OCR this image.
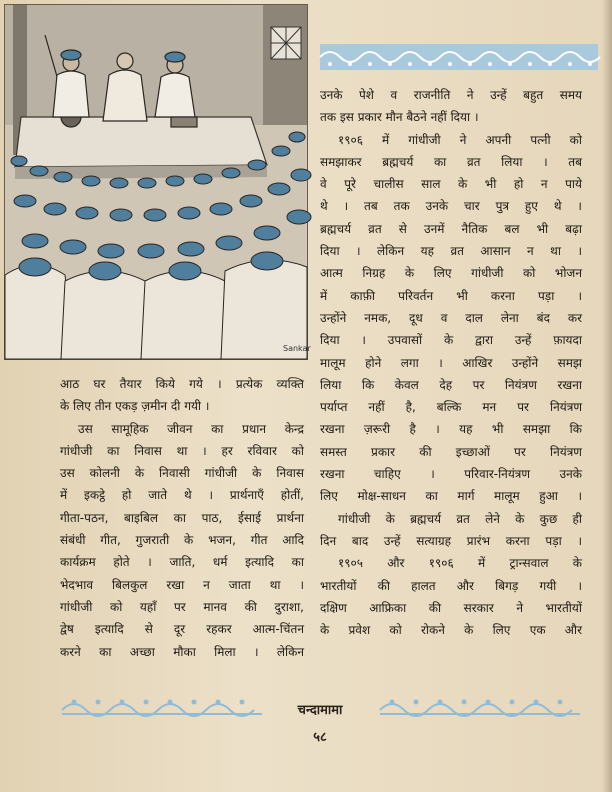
Sankar
उनके पेशे व राजनीति ने उन्हें बहुत समय
तक इस प्रकार मौन बैठने नहीं दिया ।
१९०६ में गांधीजी ने अपनी पत्नी को
समझाकर ब्रह्मचर्य का व्रत लिया । तब
वे पूरे चालीस साल के भी हो न पाये
थे । तब तक उनके चार पुत्र हुए थे ।
ब्रह्मचर्य व्रत से उनमें नैतिक बल भी बढ़ा
दिया । लेकिन यह व्रत आसान न था ।
आत्म निग्रह के लिए गांधीजी को भोजन
में काफ़ी परिवर्तन भी करना पड़ा ।
उन्होंने नमक, दूध व दाल लेना बंद कर
दिया । उपवासों के द्वारा उन्हें फ़ायदा
मालूम होने लगा । आखिर उन्होंने समझ
लिया कि केवल देह पर नियंत्रण रखना
पर्याप्त नहीं है, बल्कि मन पर नियंत्रण
रखना ज़रूरी है । यह भी समझा कि
समस्त प्रकार की इच्छाओं पर नियंत्रण
रखना चाहिए । परिवार-नियंत्रण उनके
लिए मोक्ष-साधन का मार्ग मालूम हुआ ।
गांधीजी के ब्रह्मचर्य व्रत लेने के कुछ ही
दिन बाद उन्हें सत्याग्रह प्रारंभ करना पड़ा ।
१९०५ और १९०६ में ट्रान्सवाल के
भारतीयों की हालत और बिगड़ गयी ।
दक्षिण आफ्रिका की सरकार ने भारतीयों
के प्रवेश को रोकने के लिए एक और
आठ घर तैयार किये गये । प्रत्येक व्यक्ति
के लिए तीन एकड़ ज़मीन दी गयी ।
उस सामूहिक जीवन का प्रधान केन्द्र
गांधीजी का निवास था । हर रविवार को
उस कोलनी के निवासी गांधीजी के निवास
में इकट्ठे हो जाते थे । प्रार्थनाएँ होतीं,
गीता-पठन, बाइबिल का पाठ, ईसाई प्रार्थना
संबंधी गीत, गुजराती के भजन, गीत आदि
कार्यक्रम होते । जाति, धर्म इत्यादि का
भेदभाव बिलकुल रखा न जाता था ।
गांधीजी को यहाँ पर मानव की दुराशा,
द्वेष इत्यादि से दूर रहकर आत्म-चिंतन
करने का अच्छा मौका मिला । लेकिन
चन्दामामा
५८
